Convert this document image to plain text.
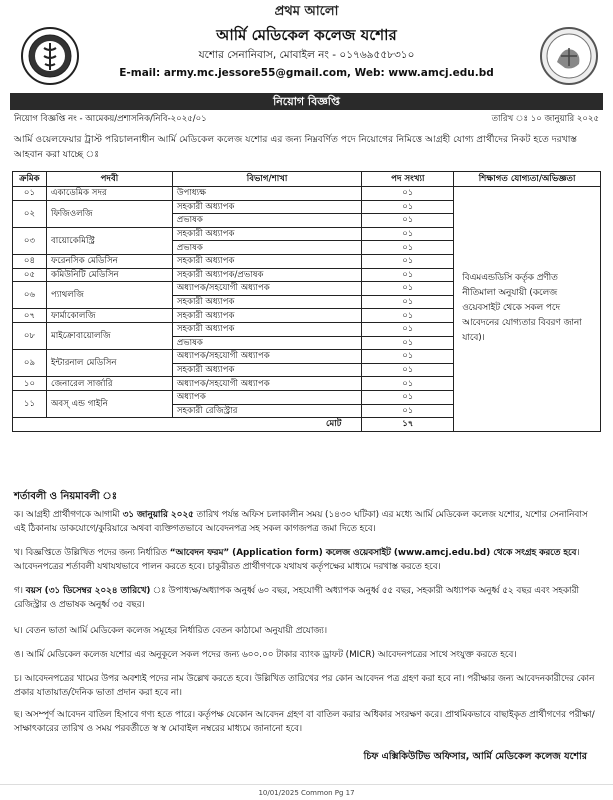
প্রথম আলো
আর্মি মেডিকেল কলেজ যশোর
যশোর সেনানিবাস, মোবাইল নং - ০১৭৬৯৫৫৮৩১০
E-mail: army.mc.jessore55@gmail.com, Web: www.amcj.edu.bd
নিয়োগ বিজ্ঞপ্তি
নিয়োগ বিজ্ঞপ্তি নং - আমেকয়/প্রশাসনিক/নিবি-২০২৫/০১	তারিখ ঃ ১০ জানুয়ারি ২০২৫
আর্মি ওয়েলফেয়ার ট্রাস্ট পরিচালনাধীন আর্মি মেডিকেল কলেজ যশোর এর জন্য নিম্নবর্ণিত পদে নিয়োগের নিমিত্তে আগ্রহী যোগ্য প্রার্থীদের নিকট হতে দরখাস্ত আহবান করা যাচ্ছে ঃ
ক্রমিক	পদবী	বিভাগ/শাখা	পদ সংখ্যা	শিক্ষাগত যোগ্যতা/অভিজ্ঞতা
০১	একাডেমিক সদর	উপাধ্যক্ষ	০১	বিএমএন্ডডিসি কর্তৃক প্রণীত নীতিমালা অনুযায়ী (কলেজ ওয়েবসাইট থেকে সকল পদে আবেদনের যোগ্যতার বিবরণ জানা যাবে)।
০২	ফিজিওলজি	সহকারী অধ্যাপক	০১	
		প্রভাষক	০১	
০৩	বায়োকেমিস্ট্রি	সহকারী অধ্যাপক	০১	
		প্রভাষক	০১	
০৪	ফরেনসিক মেডিসিন	সহকারী অধ্যাপক	০১	
০৫	কমিউনিটি মেডিসিন	সহকারী অধ্যাপক/প্রভাষক	০১	
০৬	প্যাথলজি	অধ্যাপক/সহযোগী অধ্যাপক	০১	
		সহকারী অধ্যাপক	০১	
০৭	ফার্মাকোলজি	সহকারী অধ্যাপক	০১	
০৮	মাইক্রোবায়োলজি	সহকারী অধ্যাপক	০১	
		প্রভাষক	০১	
০৯	ইন্টারনাল মেডিসিন	অধ্যাপক/সহযোগী অধ্যাপক	০১	
		সহকারী অধ্যাপক	০১	
১০	জেনারেল সার্জারি	অধ্যাপক/সহযোগী অধ্যাপক	০১	
১১	অবস্ এন্ড গাইনি	অধ্যাপক	০১	
		সহকারী রেজিস্ট্রার	০১	
মোট			১৭	
শর্তাবলী ও নিয়মাবলী ঃ
ক। আগ্রহী প্রার্থীগণকে আগামী ৩১ জানুয়ারি ২০২৫ তারিখ পর্যন্ত অফিস চলাকালীন সময় (১৪৩০ ঘটিকা) এর মধ্যে আর্মি মেডিকেল কলেজ যশোর, যশোর সেনানিবাস এই ঠিকানায় ডাকযোগে/কুরিয়ারে অথবা ব্যক্তিগতভাবে আবেদনপত্র সহ সকল কাগজপত্র জমা দিতে হবে।
খ। বিজ্ঞপ্তিতে উল্লিখিত পদের জন্য নির্ধারিত “আবেদন ফরম” (Application form) কলেজ ওয়েবসাইট (www.amcj.edu.bd) থেকে সংগ্রহ করতে হবে। আবেদনপত্রের শর্তাবলী যথাযথভাবে পালন করতে হবে। চাকুরীরত প্রার্থীগণকে যথাযথ কর্তৃপক্ষের মাধ্যমে দরখাস্ত করতে হবে।
গ। বয়স (৩১ ডিসেম্বর ২০২৪ তারিখে) ঃ উপাধ্যক্ষ/অধ্যাপক অনুর্ধ্ব ৬০ বছর, সহযোগী অধ্যাপক অনুর্ধ্ব ৫৫ বছর, সহকারী অধ্যাপক অনুর্ধ্ব ৫২ বছর এবং সহকারী রেজিস্ট্রার ও প্রভাষক অনুর্ধ্ব ৩৫ বছর।
ঘ। বেতন ভাতা আর্মি মেডিকেল কলেজ সমূহের নির্ধারিত বেতন কাঠামো অনুযায়ী প্রযোজ্য।
ঙ। আর্মি মেডিকেল কলেজ যশোর এর অনুকূলে সকল পদের জন্য ৬০০.০০ টাকার ব্যাংক ড্রাফট (MICR) আবেদনপত্রের সাথে সংযুক্ত করতে হবে।
চ। আবেদনপত্রের খামের উপর অবশ্যই পদের নাম উল্লেখ করতে হবে। উল্লিখিত তারিখের পর কোন আবেদন পত্র গ্রহণ করা হবে না। পরীক্ষার জন্য আবেদনকারীদের কোন প্রকার যাতায়াত/দৈনিক ভাতা প্রদান করা হবে না।
ছ। অসম্পূর্ণ আবেদন বাতিল হিসাবে গণ্য হতে পারে। কর্তৃপক্ষ যেকোন আবেদন গ্রহণ বা বাতিল করার অধিকার সংরক্ষণ করে। প্রাথমিকভাবে বাছাইকৃত প্রার্থীগণের পরীক্ষা/সাক্ষাৎকারের তারিখ ও সময় পরবর্তীতে স্ব স্ব মোবাইল নম্বরের মাধ্যমে জানানো হবে।
চিফ এক্সিকিউটিভ অফিসার, আর্মি মেডিকেল কলেজ যশোর
10/01/2025 Common Pg 17
